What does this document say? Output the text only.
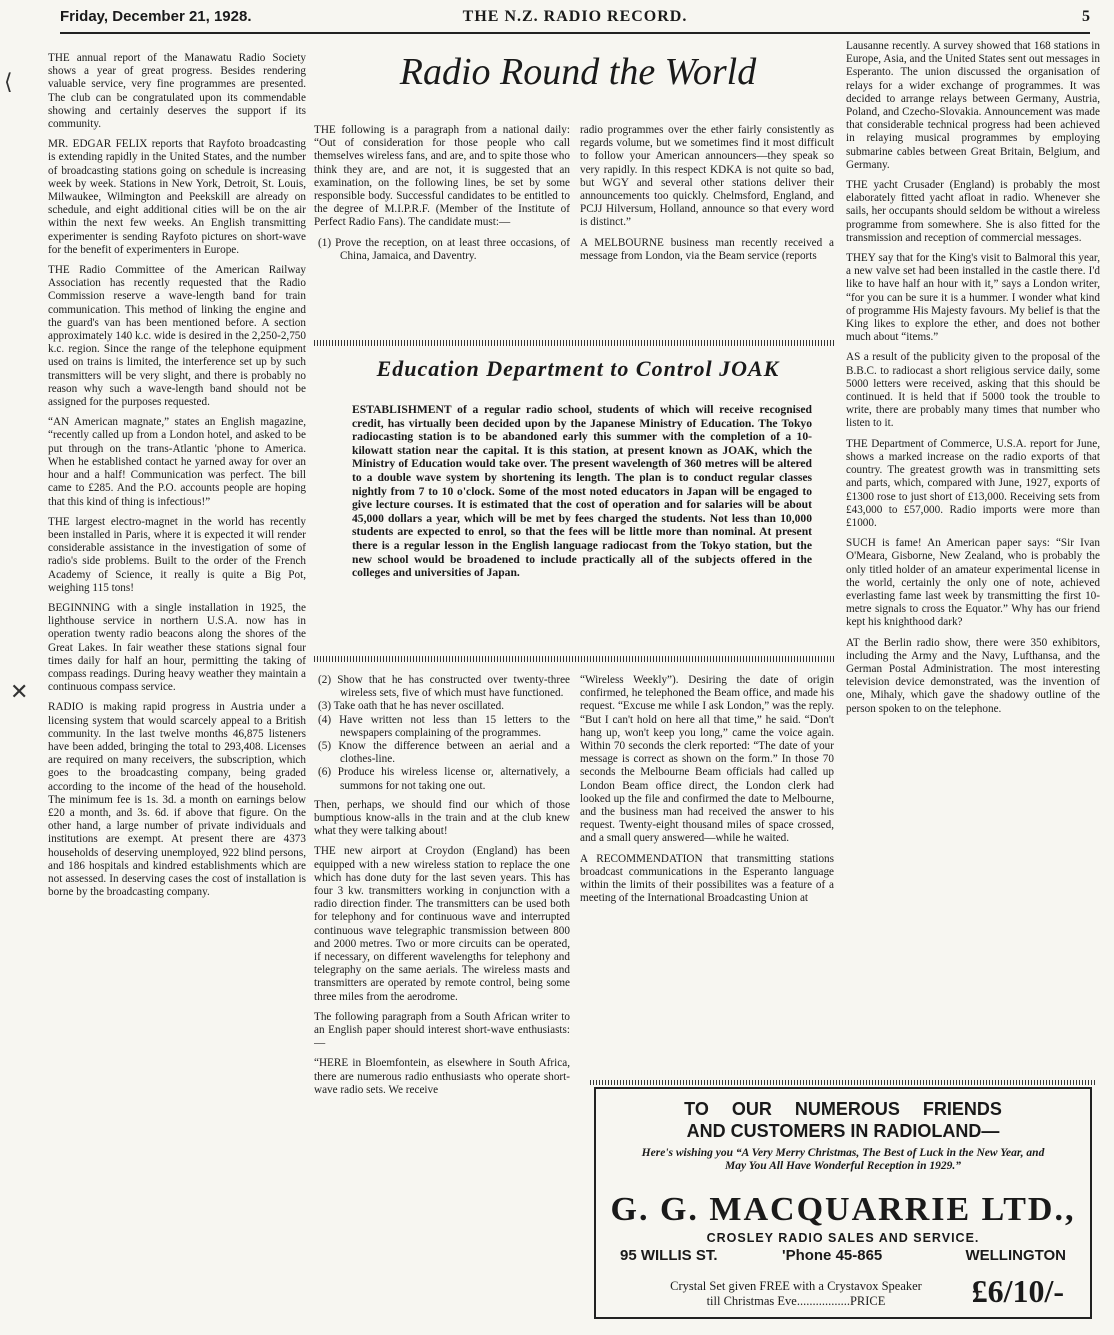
Friday, December 21, 1928.	THE N.Z. RADIO RECORD.	5
⟨
✕

THE annual report of the Manawatu Radio Society shows a year of great progress. Besides rendering valuable service, very fine programmes are presented. The club can be congratulated upon its commendable showing and certainly deserves the support if its community.

MR. EDGAR FELIX reports that Rayfoto broadcasting is extending rapidly in the United States, and the number of broadcasting stations going on schedule is increasing week by week. Stations in New York, Detroit, St. Louis, Milwaukee, Wilmington and Peekskill are already on schedule, and eight additional cities will be on the air within the next few weeks. An English transmitting experimenter is sending Rayfoto pictures on short-wave for the benefit of experimenters in Europe.

THE Radio Committee of the American Railway Association has recently requested that the Radio Commission reserve a wave-length band for train communication. This method of linking the engine and the guard's van has been mentioned before. A section approximately 140 k.c. wide is desired in the 2,250-2,750 k.c. region. Since the range of the telephone equipment used on trains is limited, the interference set up by such transmitters will be very slight, and there is probably no reason why such a wave-length band should not be assigned for the purposes requested.

“AN American magnate,” states an English magazine, “recently called up from a London hotel, and asked to be put through on the trans-Atlantic 'phone to America. When he established contact he yarned away for over an hour and a half! Communication was perfect. The bill came to £285. And the P.O. accounts people are hoping that this kind of thing is infectious!”

THE largest electro-magnet in the world has recently been installed in Paris, where it is expected it will render considerable assistance in the investigation of some of radio's side problems. Built to the order of the French Academy of Science, it really is quite a Big Pot, weighing 115 tons!

BEGINNING with a single installation in 1925, the lighthouse service in northern U.S.A. now has in operation twenty radio beacons along the shores of the Great Lakes. In fair weather these stations signal four times daily for half an hour, permitting the taking of compass readings. During heavy weather they maintain a continuous compass service.

RADIO is making rapid progress in Austria under a licensing system that would scarcely appeal to a British community. In the last twelve months 46,875 listeners have been added, bringing the total to 293,408. Licenses are required on many receivers, the subscription, which goes to the broadcasting company, being graded according to the income of the head of the household. The minimum fee is 1s. 3d. a month on earnings below £20 a month, and 3s. 6d. if above that figure. On the other hand, a large number of private individuals and institutions are exempt. At present there are 4373 households of deserving unemployed, 922 blind persons, and 186 hospitals and kindred establishments which are not assessed. In deserving cases the cost of installation is borne by the broadcasting company.

Radio Round the World

THE following is a paragraph from a national daily: “Out of consideration for those people who call themselves wireless fans, and are, and to spite those who think they are, and are not, it is suggested that an examination, on the following lines, be set by some responsible body. Successful candidates to be entitled to the degree of M.I.P.R.F. (Member of the Institute of Perfect Radio Fans). The candidate must:—

(1) Prove the reception, on at least three occasions, of China, Jamaica, and Daventry.

radio programmes over the ether fairly consistently as regards volume, but we sometimes find it most difficult to follow your American announcers—they speak so very rapidly. In this respect KDKA is not quite so bad, but WGY and several other stations deliver their announcements too quickly. Chelmsford, England, and PCJJ Hilversum, Holland, announce so that every word is distinct.”

A MELBOURNE business man recently received a message from London, via the Beam service (reports

Education Department to Control JOAK
ESTABLISHMENT of a regular radio school, students of which will receive recognised credit, has virtually been decided upon by the Japanese Ministry of Education. The Tokyo radiocasting station is to be abandoned early this summer with the completion of a 10-kilowatt station near the capital. It is this station, at present known as JOAK, which the Ministry of Education would take over. The present wavelength of 360 metres will be altered to a double wave system by shortening its length. The plan is to conduct regular classes nightly from 7 to 10 o'clock. Some of the most noted educators in Japan will be engaged to give lecture courses. It is estimated that the cost of operation and for salaries will be about 45,000 dollars a year, which will be met by fees charged the students. Not less than 10,000 students are expected to enrol, so that the fees will be little more than nominal. At present there is a regular lesson in the English language radiocast from the Tokyo station, but the new school would be broadened to include practically all of the subjects offered in the colleges and universities of Japan.
(2) Show that he has constructed over twenty-three wireless sets, five of which must have functioned.
(3) Take oath that he has never oscillated.
(4) Have written not less than 15 letters to the newspapers complaining of the programmes.
(5) Know the difference between an aerial and a clothes-line.
(6) Produce his wireless license or, alternatively, a summons for not taking one out.

Then, perhaps, we should find our which of those bumptious know-alls in the train and at the club knew what they were talking about!

THE new airport at Croydon (England) has been equipped with a new wireless station to replace the one which has done duty for the last seven years. This has four 3 kw. transmitters working in conjunction with a radio direction finder. The transmitters can be used both for telephony and for continuous wave and interrupted continuous wave telegraphic transmission between 800 and 2000 metres. Two or more circuits can be operated, if necessary, on different wavelengths for telephony and telegraphy on the same aerials. The wireless masts and transmitters are operated by remote control, being some three miles from the aerodrome.

The following paragraph from a South African writer to an English paper should interest short-wave enthusiasts:—

“HERE in Bloemfontein, as elsewhere in South Africa, there are numerous radio enthusiasts who operate short-wave radio sets. We receive

“Wireless Weekly”). Desiring the date of origin confirmed, he telephoned the Beam office, and made his request. “Excuse me while I ask London,” was the reply. “But I can't hold on here all that time,” he said. “Don't hang up, won't keep you long,” came the voice again. Within 70 seconds the clerk reported: “The date of your message is correct as shown on the form.” In those 70 seconds the Melbourne Beam officials had called up London Beam office direct, the London clerk had looked up the file and confirmed the date to Melbourne, and the business man had received the answer to his request. Twenty-eight thousand miles of space crossed, and a small query answered—while he waited.

A RECOMMENDATION that transmitting stations broadcast communications in the Esperanto language within the limits of their possibilites was a feature of a meeting of the International Broadcasting Union at

Lausanne recently. A survey showed that 168 stations in Europe, Asia, and the United States sent out messages in Esperanto. The union discussed the organisation of relays for a wider exchange of programmes. It was decided to arrange relays between Germany, Austria, Poland, and Czecho-Slovakia. Announcement was made that considerable technical progress had been achieved in relaying musical programmes by employing submarine cables between Great Britain, Belgium, and Germany.

THE yacht Crusader (England) is probably the most elaborately fitted yacht afloat in radio. Whenever she sails, her occupants should seldom be without a wireless programme from somewhere. She is also fitted for the transmission and reception of commercial messages.

THEY say that for the King's visit to Balmoral this year, a new valve set had been installed in the castle there. I'd like to have half an hour with it,” says a London writer, “for you can be sure it is a hummer. I wonder what kind of programme His Majesty favours. My belief is that the King likes to explore the ether, and does not bother much about “items.”

AS a result of the publicity given to the proposal of the B.B.C. to radiocast a short religious service daily, some 5000 letters were received, asking that this should be continued. It is held that if 5000 took the trouble to write, there are probably many times that number who listen to it.

THE Department of Commerce, U.S.A. report for June, shows a marked increase on the radio exports of that country. The greatest growth was in transmitting sets and parts, which, compared with June, 1927, exports of £1300 rose to just short of £13,000. Receiving sets from £43,000 to £57,000. Radio imports were more than £1000.

SUCH is fame! An American paper says: “Sir Ivan O'Meara, Gisborne, New Zealand, who is probably the only titled holder of an amateur experimental license in the world, certainly the only one of note, achieved everlasting fame last week by transmitting the first 10-metre signals to cross the Equator.” Why has our friend kept his knighthood dark?

AT the Berlin radio show, there were 350 exhibitors, including the Army and the Navy, Lufthansa, and the German Postal Administration. The most interesting television device demonstrated, was the invention of one, Mihaly, which gave the shadowy outline of the person spoken to on the telephone.

TO OUR NUMEROUS FRIENDS
AND CUSTOMERS IN RADIOLAND—
Here's wishing you “A Very Merry Christmas, The Best of Luck in the New Year, and May You All Have Wonderful Reception in 1929.”
G. G. MACQUARRIE LTD.,
CROSLEY RADIO SALES AND SERVICE.
95 WILLIS ST.	'Phone 45-865	WELLINGTON
Crystal Set given FREE with a Crystavox Speaker
till Christmas Eve.................PRICE	£6/10/-
